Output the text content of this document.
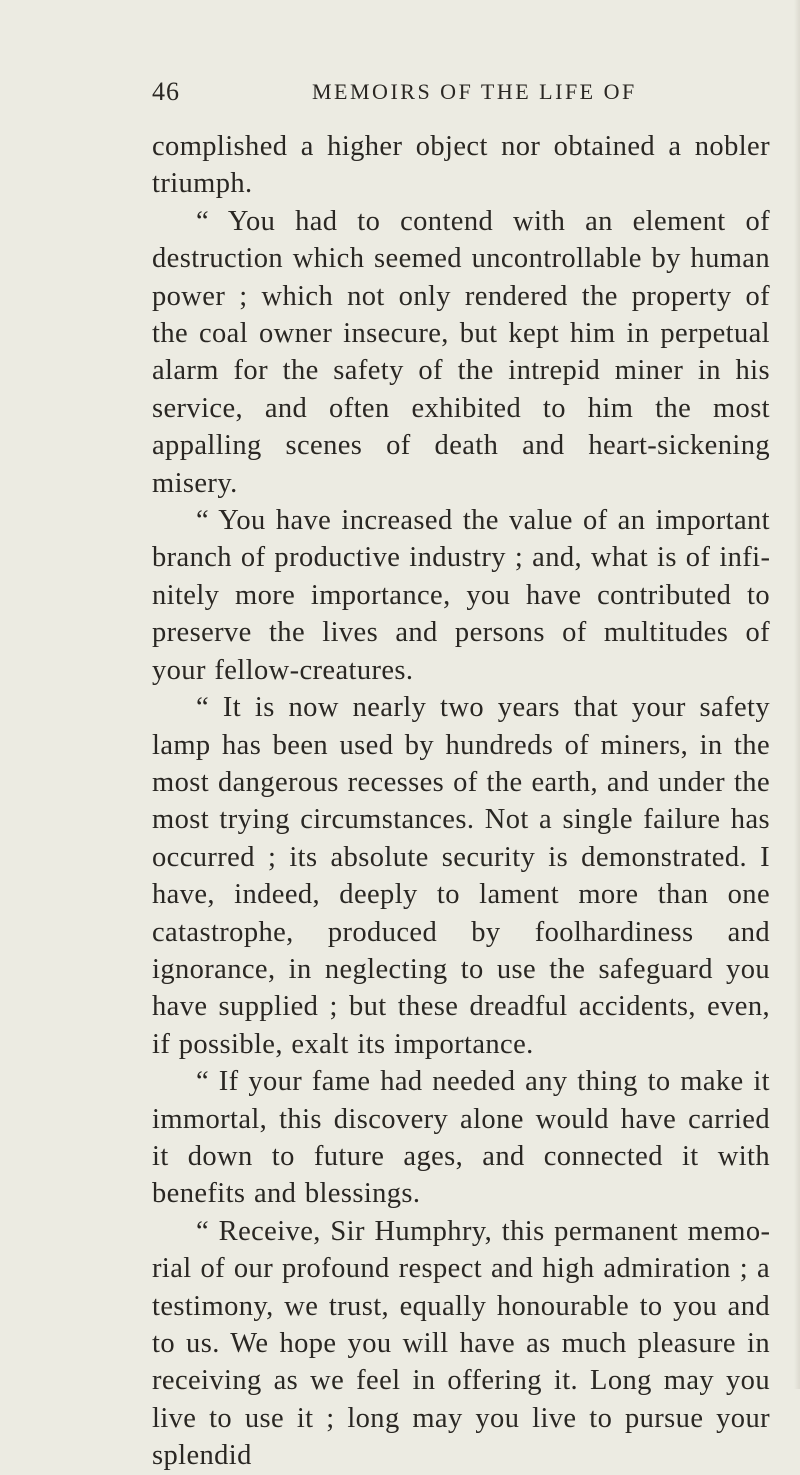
46	MEMOIRS OF THE LIFE OF

complished a higher object nor obtained a nobler triumph.

“ You had to contend with an element of destruction which seemed uncontrollable by human power ; which not only rendered the property of the coal owner insecure, but kept him in perpetual alarm for the safety of the intrepid miner in his service, and often exhibited to him the most appalling scenes of death and heart-sickening misery.

“ You have increased the value of an important branch of productive industry ; and, what is of infinitely more importance, you have contributed to preserve the lives and persons of multitudes of your fellow-creatures.

“ It is now nearly two years that your safety lamp has been used by hundreds of miners, in the most dangerous recesses of the earth, and under the most trying circumstances. Not a single failure has occurred ; its absolute security is demonstrated. I have, indeed, deeply to lament more than one catastrophe, produced by foolhardiness and ignorance, in neglecting to use the safeguard you have supplied ; but these dreadful accidents, even, if possible, exalt its importance.

“ If your fame had needed any thing to make it immortal, this discovery alone would have carried it down to future ages, and connected it with benefits and blessings.

“ Receive, Sir Humphry, this permanent memorial of our profound respect and high admiration ; a testimony, we trust, equally honourable to you and to us. We hope you will have as much pleasure in receiving as we feel in offering it. Long may you live to use it ; long may you live to pursue your splendid
